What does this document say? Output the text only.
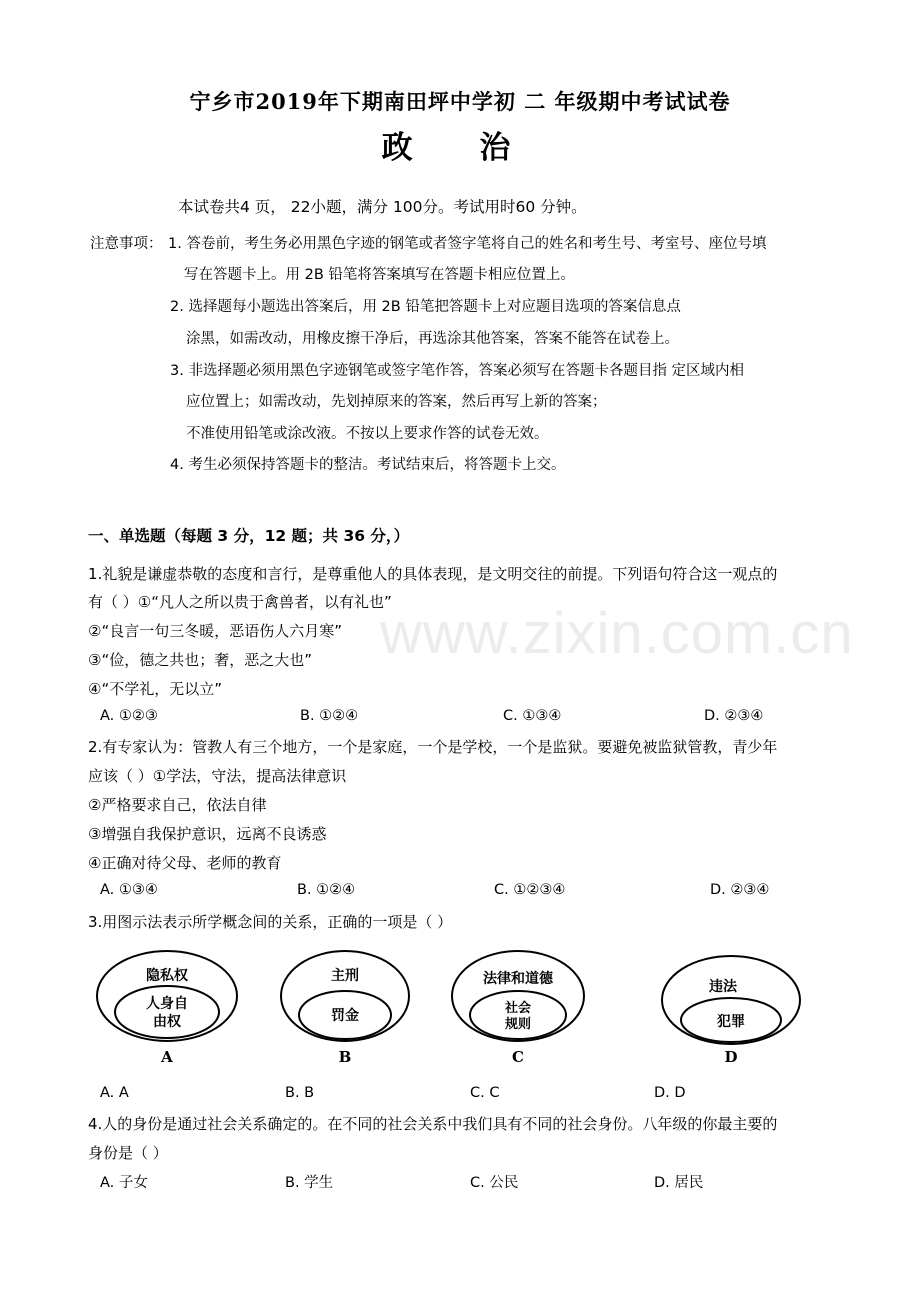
www.zixin.com.cn
宁乡市2019年下期南田坪中学初 二 年级期中考试试卷
政 治
本试卷共4 页， 22小题，满分 100分。考试用时60 分钟。
注意事项： 1. 答卷前，考生务必用黑色字迹的钢笔或者签字笔将自己的姓名和考生号、考室号、座位号填
写在答题卡上。用 2B 铅笔将答案填写在答题卡相应位置上。
2. 选择题每小题选出答案后，用 2B 铅笔把答题卡上对应题目选项的答案信息点
涂黑，如需改动，用橡皮擦干净后，再选涂其他答案，答案不能答在试卷上。
3. 非选择题必须用黑色字迹钢笔或签字笔作答，答案必须写在答题卡各题目指 定区域内相
应位置上；如需改动，先划掉原来的答案，然后再写上新的答案；
不准使用铅笔或涂改液。不按以上要求作答的试卷无效。
4. 考生必须保持答题卡的整洁。考试结束后，将答题卡上交。
一、单选题（每题 3 分，12 题；共 36 分，）
1.礼貌是谦虚恭敬的态度和言行，是尊重他人的具体表现，是文明交往的前提。下列语句符合这一观点的
有（ ）①“凡人之所以贵于禽兽者，以有礼也”
②“良言一句三冬暖，恶语伤人六月寒”
③“俭，德之共也；奢，恶之大也”
④“不学礼，无以立”
A. ①②③	B. ①②④	C. ①③④	D. ②③④
2.有专家认为：管教人有三个地方，一个是家庭，一个是学校，一个是监狱。要避免被监狱管教，青少年
应该（ ）①学法，守法，提高法律意识
②严格要求自己，依法自律
③增强自我保护意识，远离不良诱惑
④正确对待父母、老师的教育
A. ①③④	B. ①②④	C. ①②③④	D. ②③④
3.用图示法表示所学概念间的关系，正确的一项是（ ）
隐私权
人身自
由权
A
主刑
罚金
B
法律和道德
社会
规则
C
违法
犯罪
D
A. A	B. B	C. C	D. D
4.人的身份是通过社会关系确定的。在不同的社会关系中我们具有不同的社会身份。八年级的你最主要的
身份是（ ）
A. 子女	B. 学生	C. 公民	D. 居民
